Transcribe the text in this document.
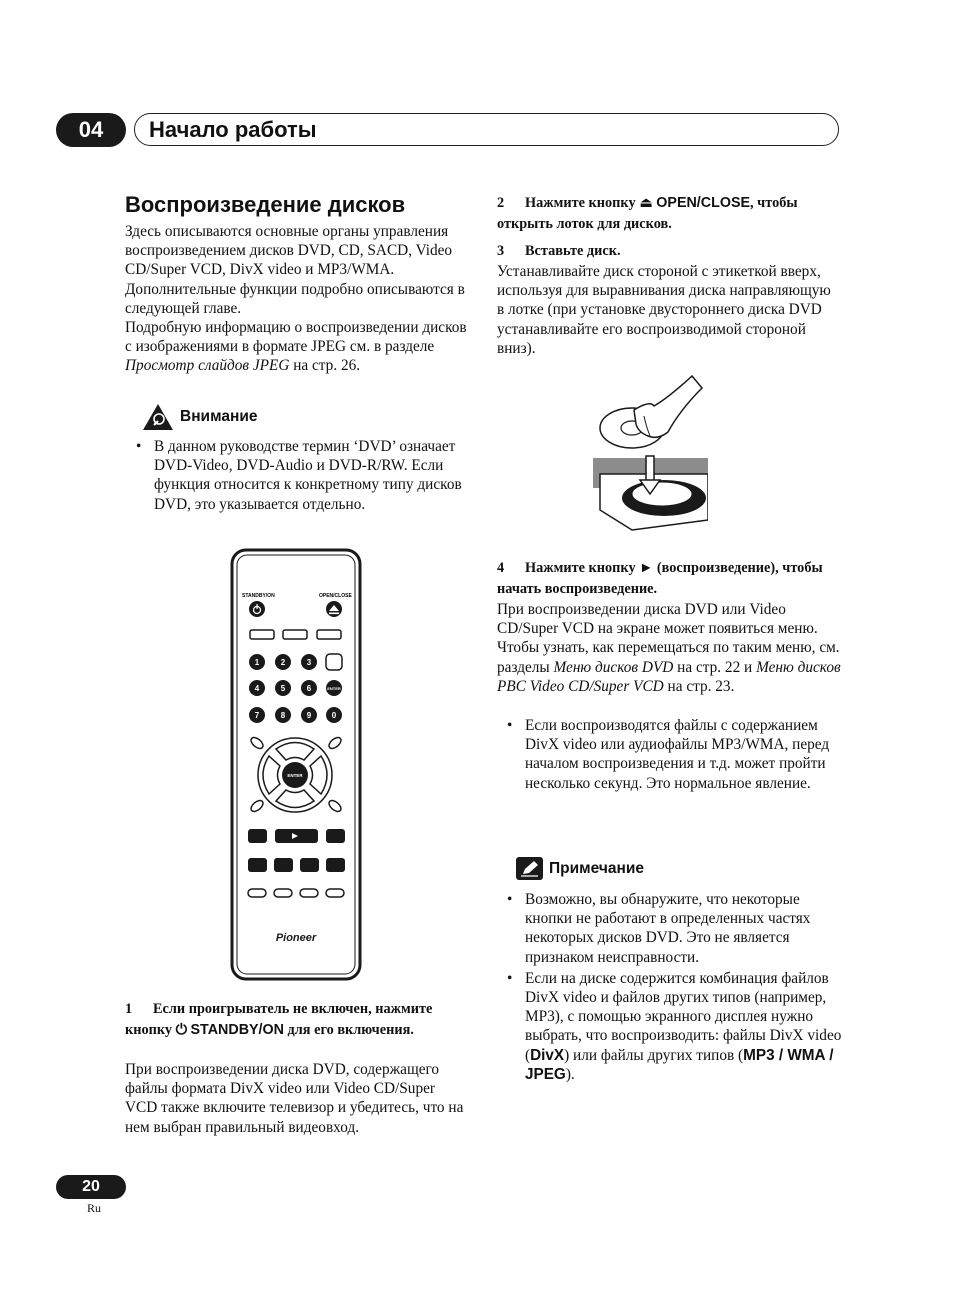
04 Начало работы
Воспроизведение дисков
Здесь описываются основные органы управления воспроизведением дисков DVD, CD, SACD, Video CD/Super VCD, DivX video и MP3/WMA. Дополнительные функции подробно описываются в следующей главе.
Подробную информацию о воспроизведении дисков с изображениями в формате JPEG см. в разделе Просмотр слайдов JPEG на стр. 26.
Внимание
• В данном руководстве термин ‘DVD’ означает DVD-Video, DVD-Audio и DVD-R/RW. Если функция относится к конкретному типу дисков DVD, это указывается отдельно.
STANDBY/ON	OPEN/CLOSE
1	2	3
4	5	6	ENTER
7	8	9	0
ENTER
Pioneer
1 Если проигрыватель не включен, нажмите кнопку ⏻ STANDBY/ON для его включения.
При воспроизведении диска DVD, содержащего файлы формата DivX video или Video CD/Super VCD также включите телевизор и убедитесь, что на нем выбран правильный видеовход.
2 Нажмите кнопку ⏏ OPEN/CLOSE, чтобы открыть лоток для дисков.
3 Вставьте диск.
Устанавливайте диск стороной с этикеткой вверх, используя для выравнивания диска направляющую в лотке (при установке двустороннего диска DVD устанавливайте его воспроизводимой стороной вниз).
4 Нажмите кнопку ► (воспроизведение), чтобы начать воспроизведение.
При воспроизведении диска DVD или Video CD/Super VCD на экране может появиться меню. Чтобы узнать, как перемещаться по таким меню, см. разделы Меню дисков DVD на стр. 22 и Меню дисков PBC Video CD/Super VCD на стр. 23.
• Если воспроизводятся файлы с содержанием DivX video или аудиофайлы MP3/WMA, перед началом воспроизведения и т.д. может пройти несколько секунд. Это нормальное явление.
Примечание
• Возможно, вы обнаружите, что некоторые кнопки не работают в определенных частях некоторых дисков DVD. Это не является признаком неисправности.
• Если на диске содержится комбинация файлов DivX video и файлов других типов (например, MP3), с помощью экранного дисплея нужно выбрать, что воспроизводить: файлы DivX video (DivX) или файлы других типов (MP3 / WMA / JPEG).
20
Ru
